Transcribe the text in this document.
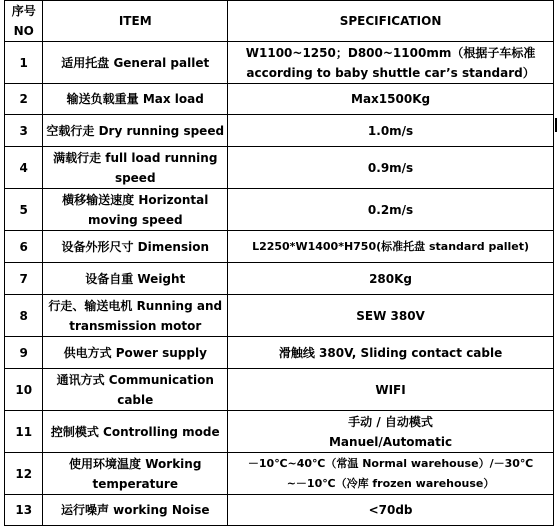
序号
NO	ITEM	SPECIFICATION
1	适用托盘 General pallet	W1100~1250；D800~1100mm（根据子车标准
according to baby shuttle car’s standard）
2	输送负载重量 Max load	Max1500Kg
3	空载行走 Dry running speed	1.0m/s
4	满载行走 full load running
speed	0.9m/s
5	横移输送速度 Horizontal
moving speed	0.2m/s
6	设备外形尺寸 Dimension	L2250*W1400*H750(标准托盘 standard pallet)
7	设备自重 Weight	280Kg
8	行走、输送电机 Running and
transmission motor	SEW 380V
9	供电方式 Power supply	滑触线 380V, Sliding contact cable
10	通讯方式 Communication
cable	WIFI
11	控制模式 Controlling mode	手动 / 自动模式
Manuel/Automatic
12	使用环境温度 Working
temperature	－10℃~40℃（常温 Normal warehouse）/－30℃
~－10℃（冷库 frozen warehouse）
13	运行噪声 working Noise	<70db
